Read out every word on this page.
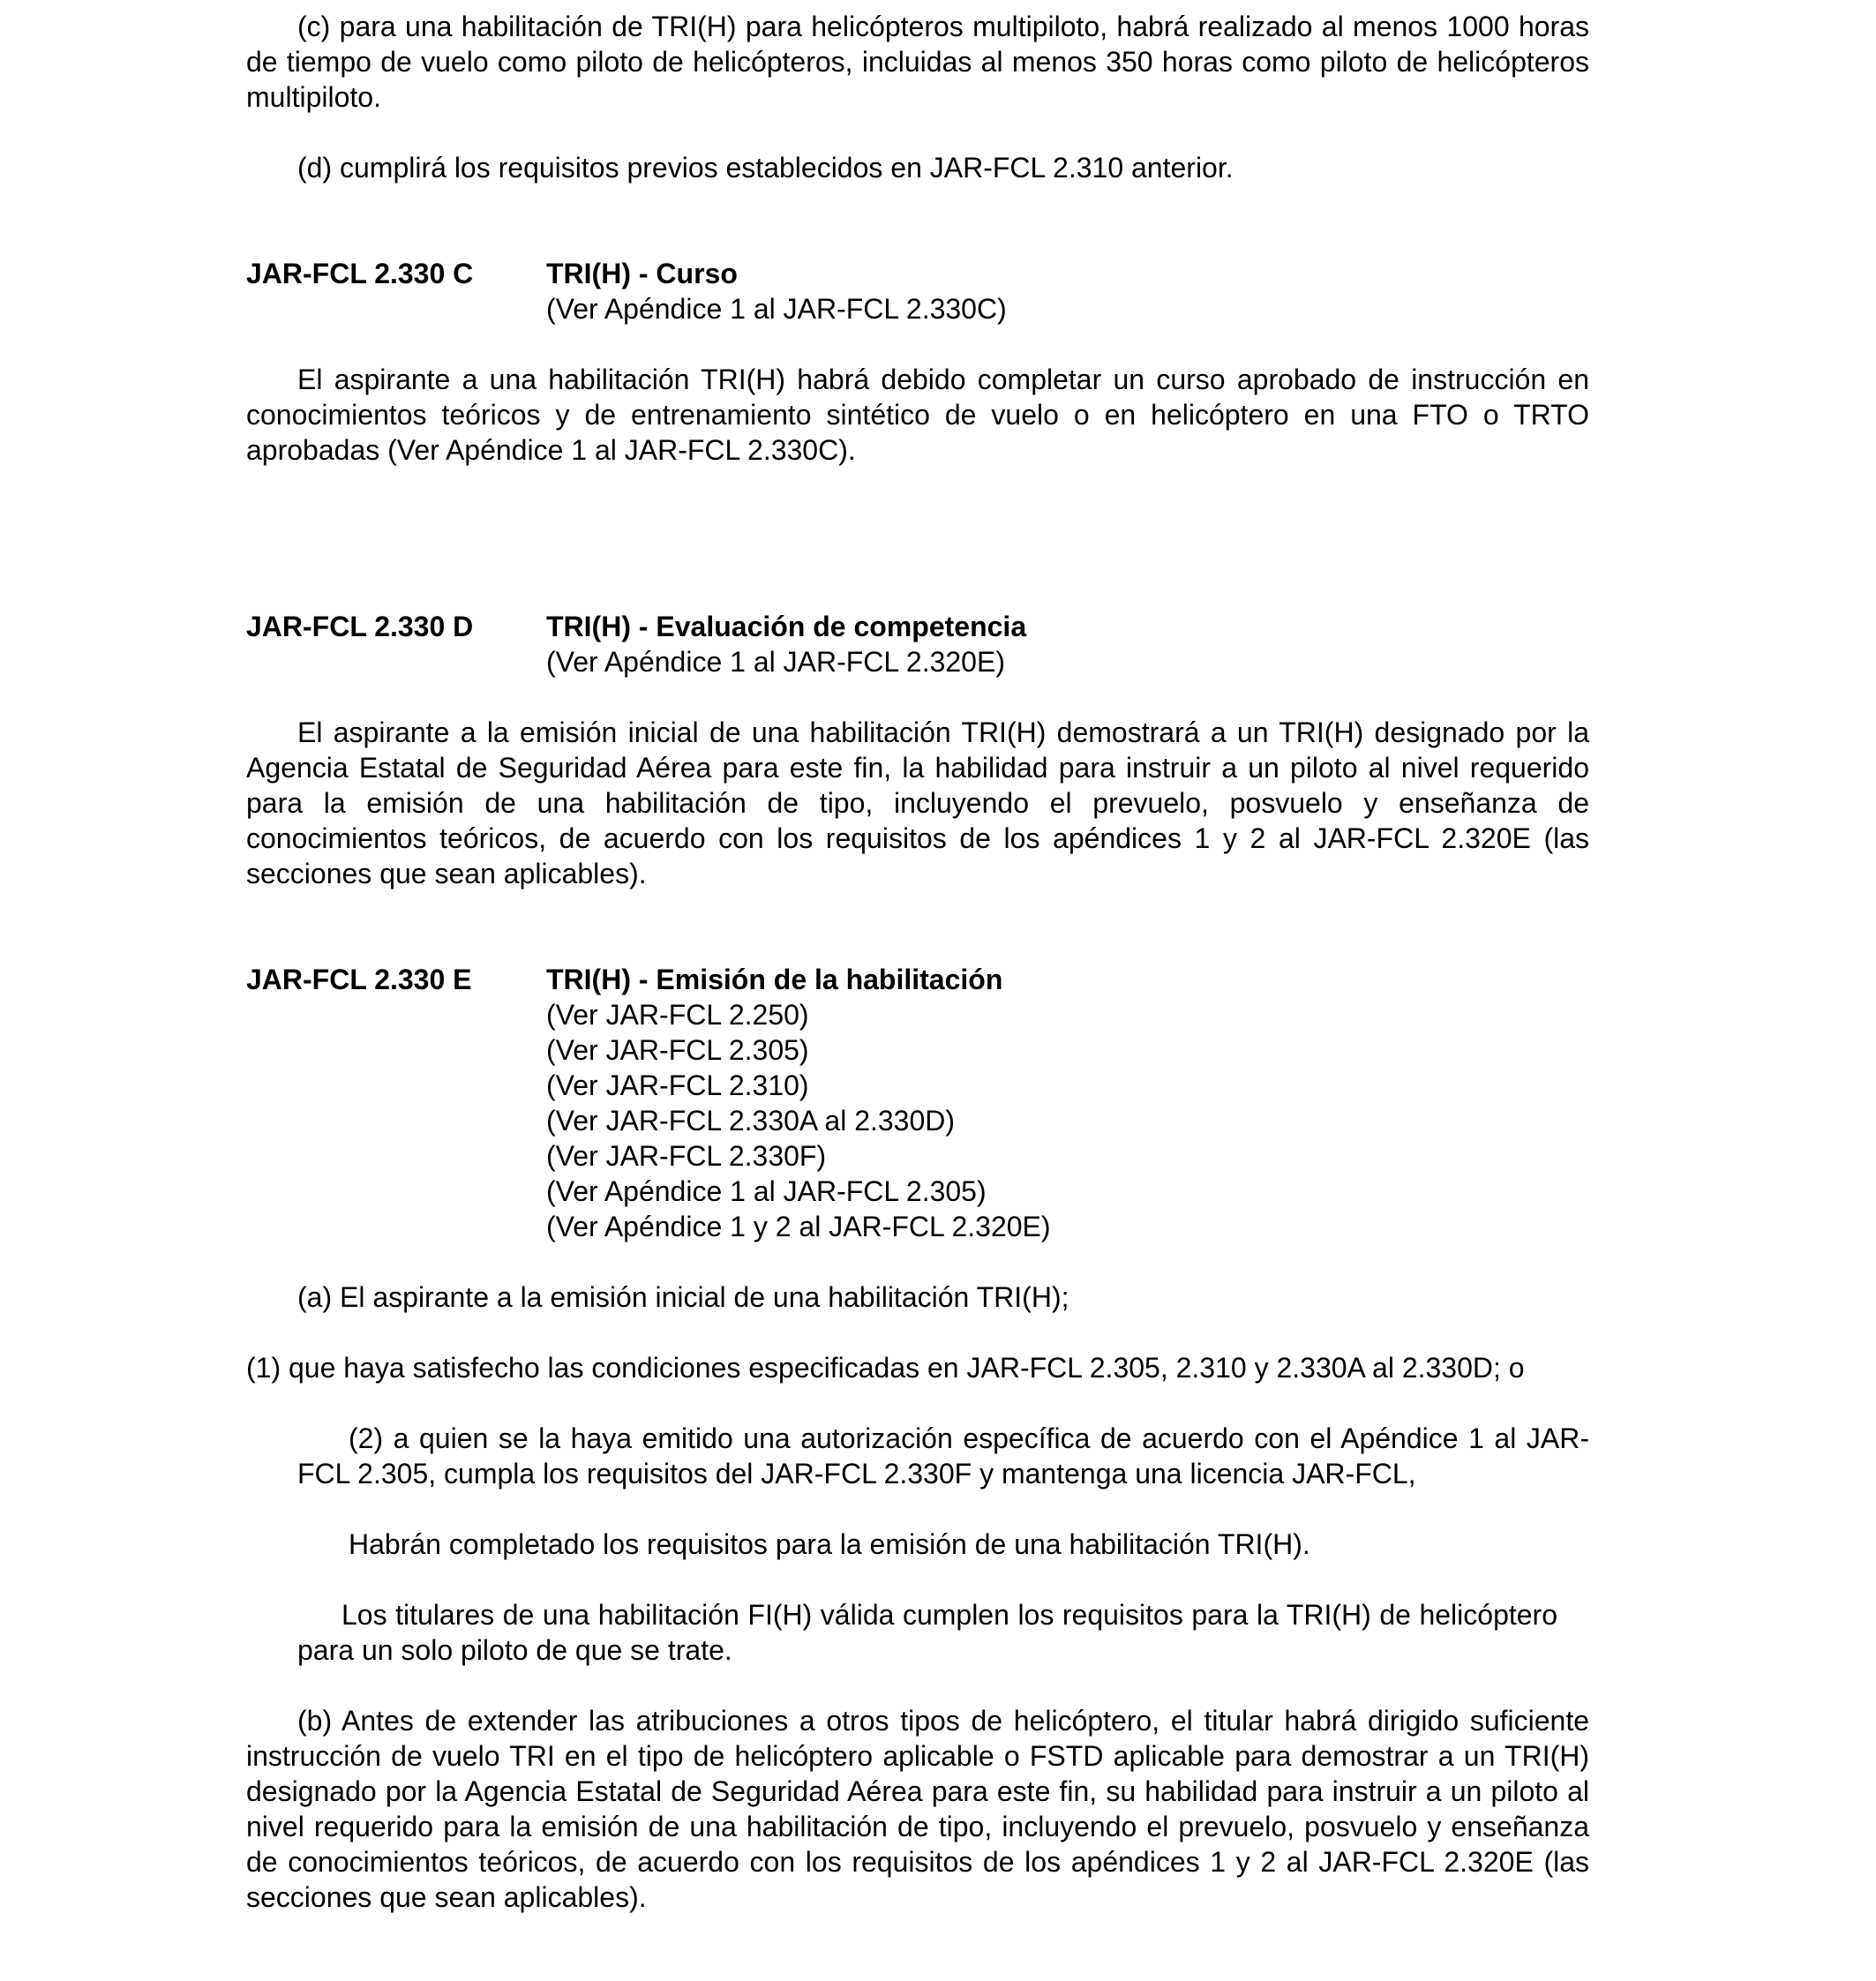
(c) para una habilitación de TRI(H) para helicópteros multipiloto, habrá realizado al menos 1000 horas de tiempo de vuelo como piloto de helicópteros, incluidas al menos 350 horas como piloto de helicópteros multipiloto.

(d) cumplirá los requisitos previos establecidos en JAR-FCL 2.310 anterior.

JAR-FCL 2.330 C	TRI(H) - Curso
(Ver Apéndice 1 al JAR-FCL 2.330C)

El aspirante a una habilitación TRI(H) habrá debido completar un curso aprobado de instrucción en conocimientos teóricos y de entrenamiento sintético de vuelo o en helicóptero en una FTO o TRTO aprobadas (Ver Apéndice 1 al JAR-FCL 2.330C).

JAR-FCL 2.330 D	TRI(H) - Evaluación de competencia
(Ver Apéndice 1 al JAR-FCL 2.320E)

El aspirante a la emisión inicial de una habilitación TRI(H) demostrará a un TRI(H) designado por la Agencia Estatal de Seguridad Aérea para este fin, la habilidad para instruir a un piloto al nivel requerido para la emisión de una habilitación de tipo, incluyendo el prevuelo, posvuelo y enseñanza de conocimientos teóricos, de acuerdo con los requisitos de los apéndices 1 y 2 al JAR-FCL 2.320E (las secciones que sean aplicables).

JAR-FCL 2.330 E	TRI(H) - Emisión de la habilitación
(Ver JAR-FCL 2.250)
(Ver JAR-FCL 2.305)
(Ver JAR-FCL 2.310)
(Ver JAR-FCL 2.330A al 2.330D)
(Ver JAR-FCL 2.330F)
(Ver Apéndice 1 al JAR-FCL 2.305)
(Ver Apéndice 1 y 2 al JAR-FCL 2.320E)

(a) El aspirante a la emisión inicial de una habilitación TRI(H);

(1) que haya satisfecho las condiciones especificadas en JAR-FCL 2.305, 2.310 y 2.330A al 2.330D; o

(2) a quien se la haya emitido una autorización específica de acuerdo con el Apéndice 1 al JAR-FCL 2.305, cumpla los requisitos del JAR-FCL 2.330F y mantenga una licencia JAR-FCL,

Habrán completado los requisitos para la emisión de una habilitación TRI(H).

Los titulares de una habilitación FI(H) válida cumplen los requisitos para la TRI(H) de helicóptero para un solo piloto de que se trate.

(b) Antes de extender las atribuciones a otros tipos de helicóptero, el titular habrá dirigido suficiente instrucción de vuelo TRI en el tipo de helicóptero aplicable o FSTD aplicable para demostrar a un TRI(H) designado por la Agencia Estatal de Seguridad Aérea para este fin, su habilidad para instruir a un piloto al nivel requerido para la emisión de una habilitación de tipo, incluyendo el prevuelo, posvuelo y enseñanza de conocimientos teóricos, de acuerdo con los requisitos de los apéndices 1 y 2 al JAR-FCL 2.320E (las secciones que sean aplicables).
